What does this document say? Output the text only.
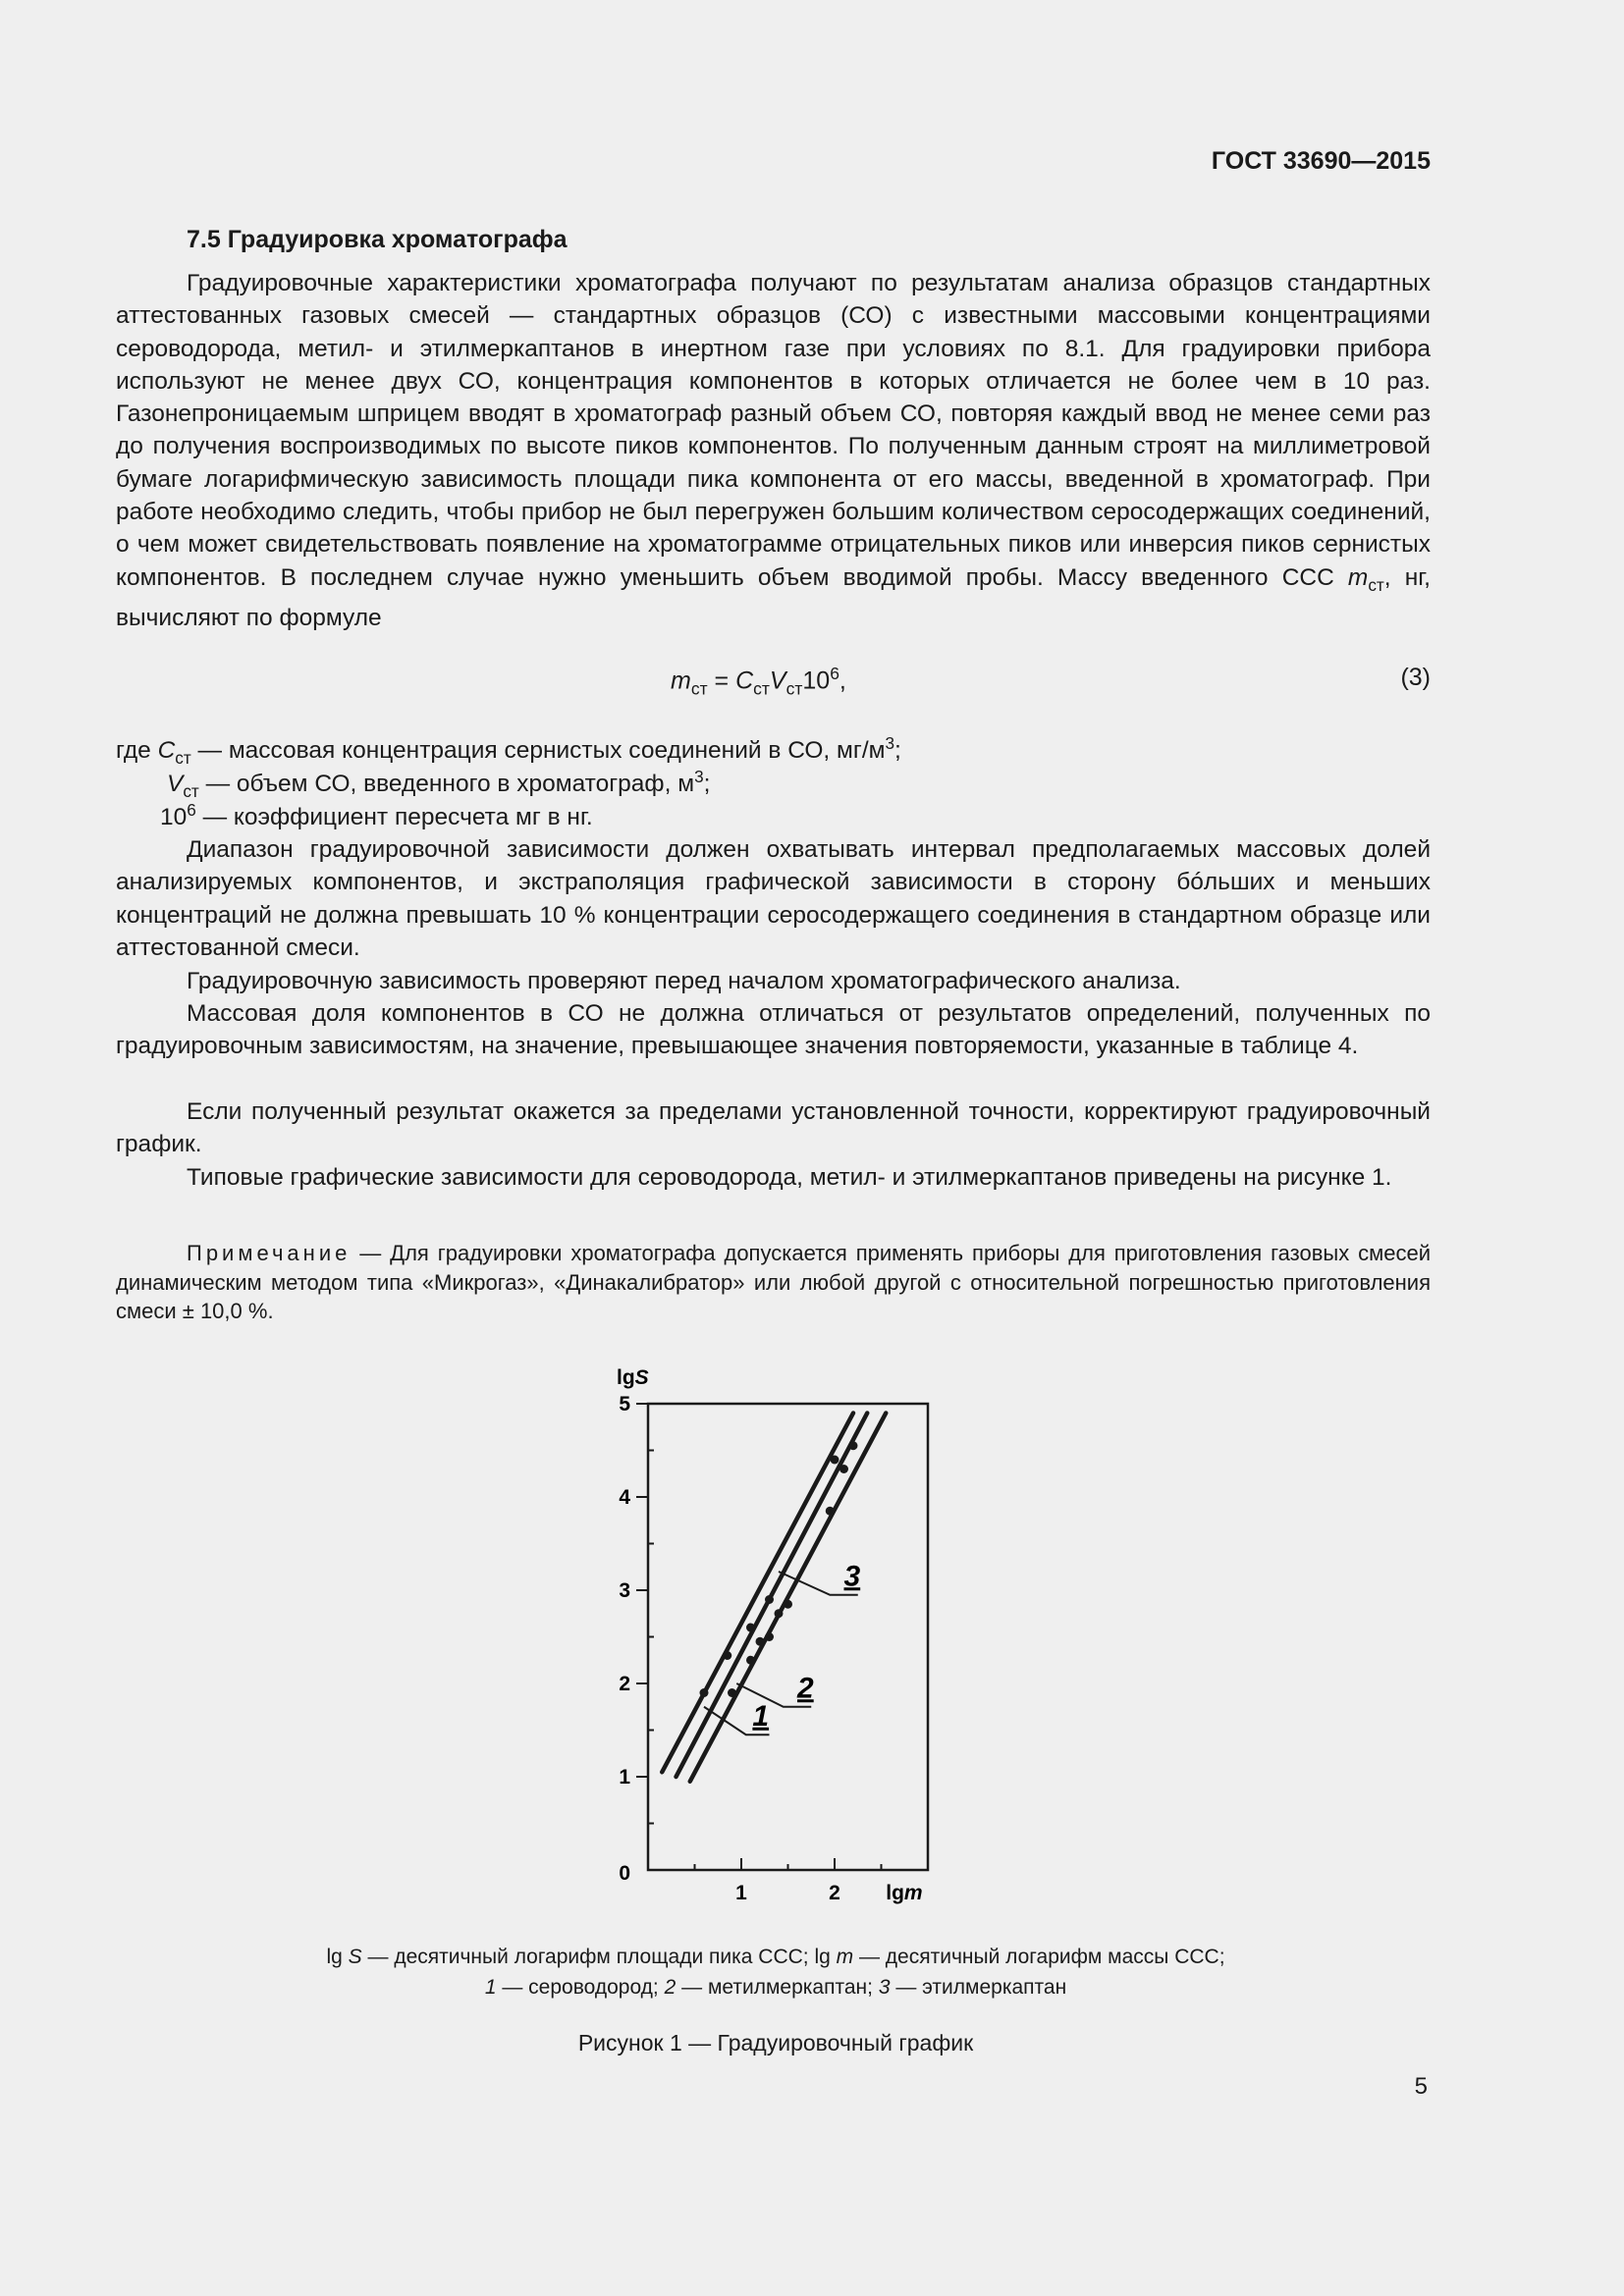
ГОСТ 33690—2015
7.5 Градуировка хроматографа
Градуировочные характеристики хроматографа получают по результатам анализа образцов стандартных аттестованных газовых смесей — стандартных образцов (СО) с известными массовыми концентрациями сероводорода, метил- и этилмеркаптанов в инертном газе при условиях по 8.1. Для градуировки прибора используют не менее двух СО, концентрация компонентов в которых отличается не более чем в 10 раз. Газонепроницаемым шприцем вводят в хроматограф разный объем СО, повторяя каждый ввод не менее семи раз до получения воспроизводимых по высоте пиков компонентов. По полученным данным строят на миллиметровой бумаге логарифмическую зависимость площади пика компонента от его массы, введенной в хроматограф. При работе необходимо следить, чтобы прибор не был перегружен большим количеством серосодержащих соединений, о чем может свидетельствовать появление на хроматограмме отрицательных пиков или инверсия пиков сернистых компонентов. В последнем случае нужно уменьшить объем вводимой пробы. Массу введенного ССС $m_{ст}$, нг, вычисляют по формуле
$m_{ст} = C_{ст}V_{ст}10^6$,	(3)
где $C_{ст}$ — массовая концентрация сернистых соединений в СО, $мг/м^3$;
$V_{ст}$ — объем СО, введенного в хроматограф, $м^3$;
$10^6$ — коэффициент пересчета мг в нг.
Диапазон градуировочной зависимости должен охватывать интервал предполагаемых массовых долей анализируемых компонентов, и экстраполяция графической зависимости в сторону бóльших и меньших концентраций не должна превышать 10 % концентрации серосодержащего соединения в стандартном образце или аттестованной смеси.
Градуировочную зависимость проверяют перед началом хроматографического анализа.
Массовая доля компонентов в СО не должна отличаться от результатов определений, полученных по градуировочным зависимостям, на значение, превышающее значения повторяемости, указанные в таблице 4.
Если полученный результат окажется за пределами установленной точности, корректируют градуировочный график.
Типовые графические зависимости для сероводорода, метил- и этилмеркаптанов приведены на рисунке 1.
Примечание — Для градуировки хроматографа допускается применять приборы для приготовления газовых смесей динамическим методом типа «Микрогаз», «Динакалибратор» или любой другой с относительной погрешностью приготовления смеси ± 10,0 %.
1
2
3
4
5
1	2
0
lgS
lgm
1
2
3
lg S — десятичный логарифм площади пика ССС; lg m — десятичный логарифм массы ССС;
1 — сероводород; 2 — метилмеркаптан; 3 — этилмеркаптан
Рисунок 1 — Градуировочный график
5
